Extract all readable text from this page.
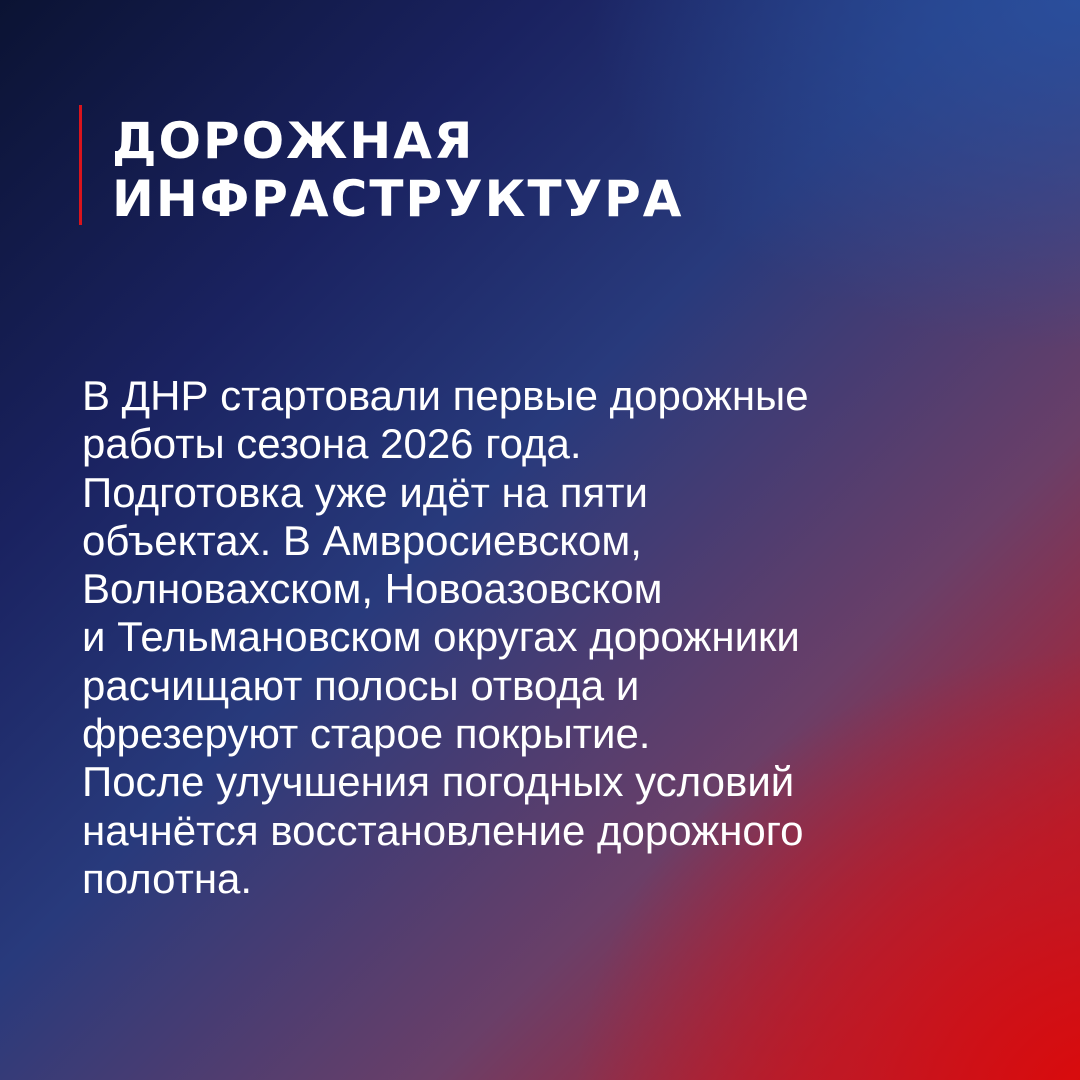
ДОРОЖНАЯ
ИНФРАСТРУКТУРА

В ДНР стартовали первые дорожные
работы сезона 2026 года.
Подготовка уже идёт на пяти
объектах. В Амвросиевском,
Волновахском, Новоазовском
и Тельмановском округах дорожники
расчищают полосы отвода и
фрезеруют старое покрытие.
После улучшения погодных условий
начнётся восстановление дорожного
полотна.
